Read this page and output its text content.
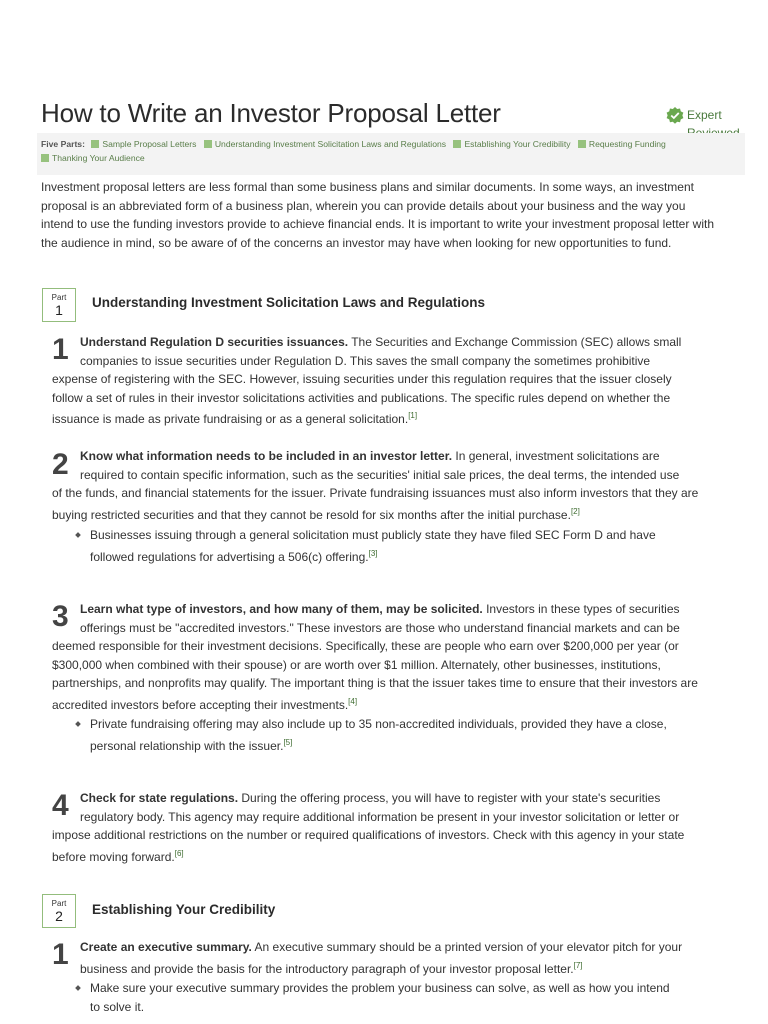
How to Write an Investor Proposal Letter	Expert
Five Parts: Sample Proposal Letters Understanding Investment Solicitation Laws and Regulations Establishing Your Credibility Requesting Funding
Thanking Your Audience

Investment proposal letters are less formal than some business plans and similar documents. In some ways, an investment proposal is an abbreviated form of a business plan, wherein you can provide details about your business and the way you intend to use the funding investors provide to achieve financial ends. It is important to write your investment proposal letter with the audience in mind, so be aware of of the concerns an investor may have when looking for new opportunities to fund.

Part
1	Understanding Investment Solicitation Laws and Regulations
1 Understand Regulation D securities issuances. The Securities and Exchange Commission (SEC) allows small
companies to issue securities under Regulation D. This saves the small company the sometimes prohibitive
expense of registering with the SEC. However, issuing securities under this regulation requires that the issuer closely follow a set of rules in their investor solicitations activities and publications. The specific rules depend on whether the issuance is made as private fundraising or as a general solicitation.[1]

2 Know what information needs to be included in an investor letter. In general, investment solicitations are
required to contain specific information, such as the securities' initial sale prices, the deal terms, the intended use
of the funds, and financial statements for the issuer. Private fundraising issuances must also inform investors that they are buying restricted securities and that they cannot be resold for six months after the initial purchase.[2]

Businesses issuing through a general solicitation must publicly state they have filed SEC Form D and have followed regulations for advertising a 506(c) offering.[3]

3 Learn what type of investors, and how many of them, may be solicited. Investors in these types of securities
offerings must be "accredited investors." These investors are those who understand financial markets and can be
deemed responsible for their investment decisions. Specifically, these are people who earn over $200,000 per year (or $300,000 when combined with their spouse) or are worth over $1 million. Alternately, other businesses, institutions, partnerships, and nonprofits may qualify. The important thing is that the issuer takes time to ensure that their investors are accredited investors before accepting their investments.[4]

Private fundraising offering may also include up to 35 non-accredited individuals, provided they have a close, personal relationship with the issuer.[5]

4 Check for state regulations. During the offering process, you will have to register with your state's securities
regulatory body. This agency may require additional information be present in your investor solicitation or letter or
impose additional restrictions on the number or required qualifications of investors. Check with this agency in your state before moving forward.[6]

Part
2	Establishing Your Credibility
1 Create an executive summary. An executive summary should be a printed version of your elevator pitch for your
business and provide the basis for the introductory paragraph of your investor proposal letter.[7]

Make sure your executive summary provides the problem your business can solve, as well as how you intend to solve it.
